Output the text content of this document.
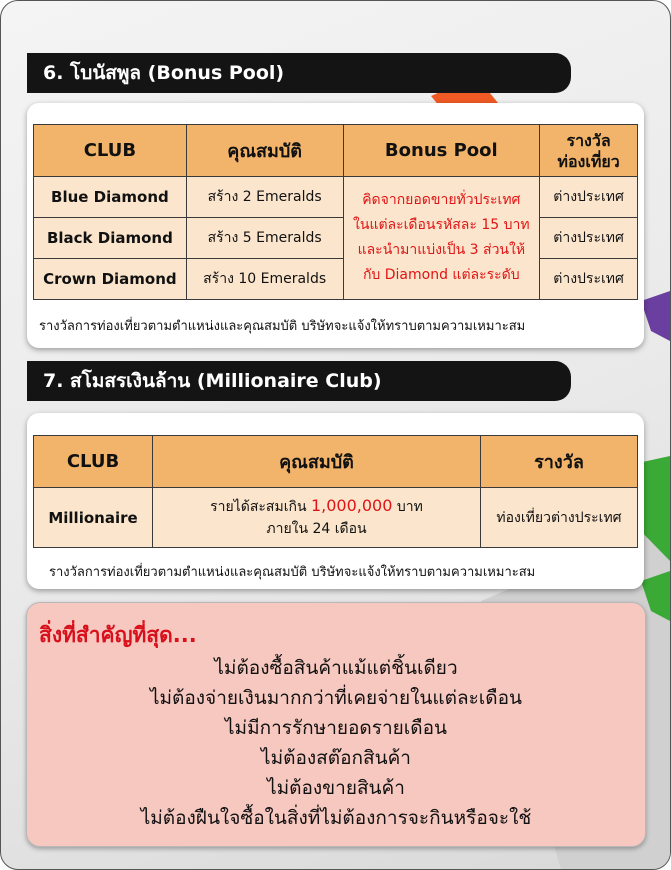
6. โบนัสพูล (Bonus Pool)
CLUB	คุณสมบัติ	Bonus Pool	รางวัล
ท่องเที่ยว
Blue Diamond	สร้าง 2 Emeralds	คิดจากยอดขายทั่วประเทศ
ในแต่ละเดือนรหัสละ 15 บาท
และนำมาแบ่งเป็น 3 ส่วนให้
กับ Diamond แต่ละระดับ	ต่างประเทศ
Black Diamond	สร้าง 5 Emeralds		ต่างประเทศ
Crown Diamond	สร้าง 10 Emeralds		ต่างประเทศ
รางวัลการท่องเที่ยวตามตำแหน่งและคุณสมบัติ บริษัทจะแจ้งให้ทราบตามความเหมาะสม
7. สโมสรเงินล้าน (Millionaire Club)
CLUB	คุณสมบัติ	รางวัล
Millionaire	รายได้สะสมเกิน 1,000,000 บาท
ภายใน 24 เดือน	ท่องเที่ยวต่างประเทศ
รางวัลการท่องเที่ยวตามตำแหน่งและคุณสมบัติ บริษัทจะแจ้งให้ทราบตามความเหมาะสม
สิ่งที่สำคัญที่สุด...
ไม่ต้องซื้อสินค้าแม้แต่ชิ้นเดียว
ไม่ต้องจ่ายเงินมากกว่าที่เคยจ่ายในแต่ละเดือน
ไม่มีการรักษายอดรายเดือน
ไม่ต้องสต๊อกสินค้า
ไม่ต้องขายสินค้า
ไม่ต้องฝืนใจซื้อในสิ่งที่ไม่ต้องการจะกินหรือจะใช้
